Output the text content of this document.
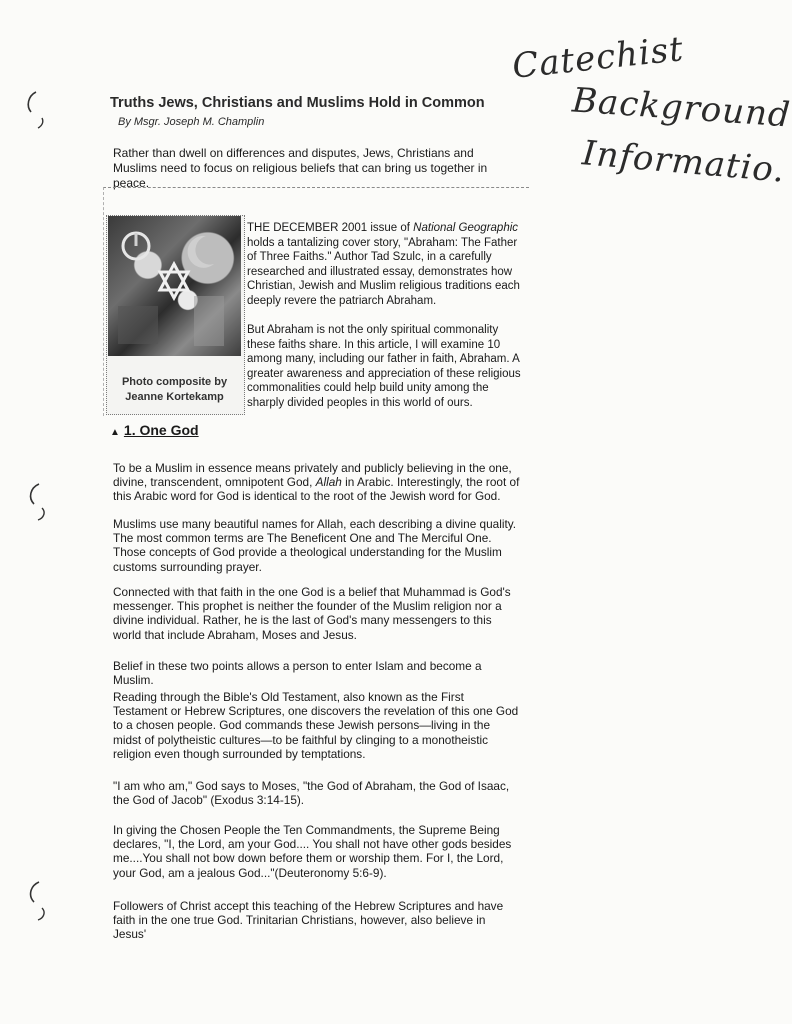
Catechist
Background
Informatio.
Truths Jews, Christians and Muslims Hold in Common
By Msgr. Joseph M. Champlin
Rather than dwell on differences and disputes, Jews, Christians and Muslims need to focus on religious beliefs that can bring us together in peace.
Photo composite by
Jeanne Kortekamp
THE DECEMBER 2001 issue of National Geographic holds a tantalizing cover story, "Abraham: The Father of Three Faiths." Author Tad Szulc, in a carefully researched and illustrated essay, demonstrates how Christian, Jewish and Muslim religious traditions each deeply revere the patriarch Abraham.
But Abraham is not the only spiritual commonality these faiths share. In this article, I will examine 10 among many, including our father in faith, Abraham. A greater awareness and appreciation of these religious commonalities could help build unity among the sharply divided peoples in this world of ours.
▲ 1. One God
To be a Muslim in essence means privately and publicly believing in the one, divine, transcendent, omnipotent God, Allah in Arabic. Interestingly, the root of this Arabic word for God is identical to the root of the Jewish word for God.
Muslims use many beautiful names for Allah, each describing a divine quality. The most common terms are The Beneficent One and The Merciful One. Those concepts of God provide a theological understanding for the Muslim customs surrounding prayer.
Connected with that faith in the one God is a belief that Muhammad is God's messenger. This prophet is neither the founder of the Muslim religion nor a divine individual. Rather, he is the last of God's many messengers to this world that include Abraham, Moses and Jesus.
Belief in these two points allows a person to enter Islam and become a Muslim.
Reading through the Bible's Old Testament, also known as the First Testament or Hebrew Scriptures, one discovers the revelation of this one God to a chosen people. God commands these Jewish persons—living in the midst of polytheistic cultures—to be faithful by clinging to a monotheistic religion even though surrounded by temptations.
"I am who am," God says to Moses, "the God of Abraham, the God of Isaac, the God of Jacob" (Exodus 3:14-15).
In giving the Chosen People the Ten Commandments, the Supreme Being declares, "I, the Lord, am your God.... You shall not have other gods besides me....You shall not bow down before them or worship them. For I, the Lord, your God, am a jealous God..."(Deuteronomy 5:6-9).
Followers of Christ accept this teaching of the Hebrew Scriptures and have faith in the one true God. Trinitarian Christians, however, also believe in Jesus'
